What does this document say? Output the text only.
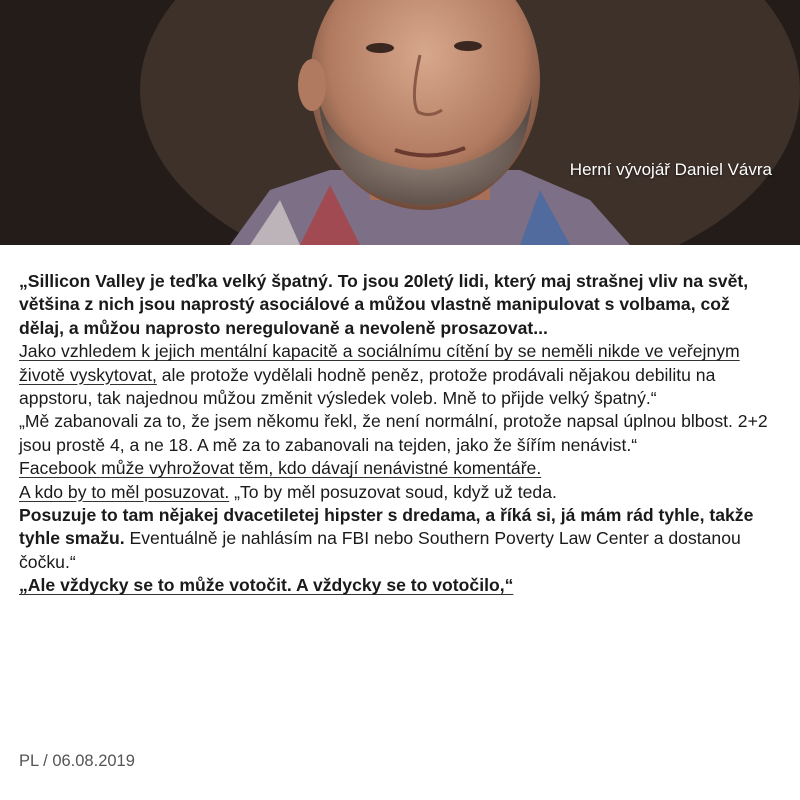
Herní vývojář Daniel Vávra

„Sillicon Valley je teďka velký špatný. To jsou 20letý lidi, který maj strašnej vliv na svět, většina z nich jsou naprostý asociálové a můžou vlastně manipulovat s volbama, což dělaj, a můžou naprosto neregulovaně a nevoleně prosazovat...

Jako vzhledem k jejich mentální kapacitě a sociálnímu cítění by se neměli nikde ve veřejnym životě vyskytovat, ale protože vydělali hodně peněz, protože prodávali nějakou debilitu na appstoru, tak najednou můžou změnit výsledek voleb. Mně to přijde velký špatný.“

„Mě zabanovali za to, že jsem někomu řekl, že není normální, protože napsal úplnou blbost. 2+2 jsou prostě 4, a ne 18. A mě za to zabanovali na tejden, jako že šířím nenávist.“

Facebook může vyhrožovat těm, kdo dávají nenávistné komentáře.
A kdo by to měl posuzovat. „To by měl posuzovat soud, když už teda.

Posuzuje to tam nějakej dvacetiletej hipster s dredama, a říká si, já mám rád tyhle, takže tyhle smažu. Eventuálně je nahlásím na FBI nebo Southern Poverty Law Center a dostanou čočku.“

„Ale vždycky se to může votočit. A vždycky se to votočilo,“

PL / 06.08.2019
